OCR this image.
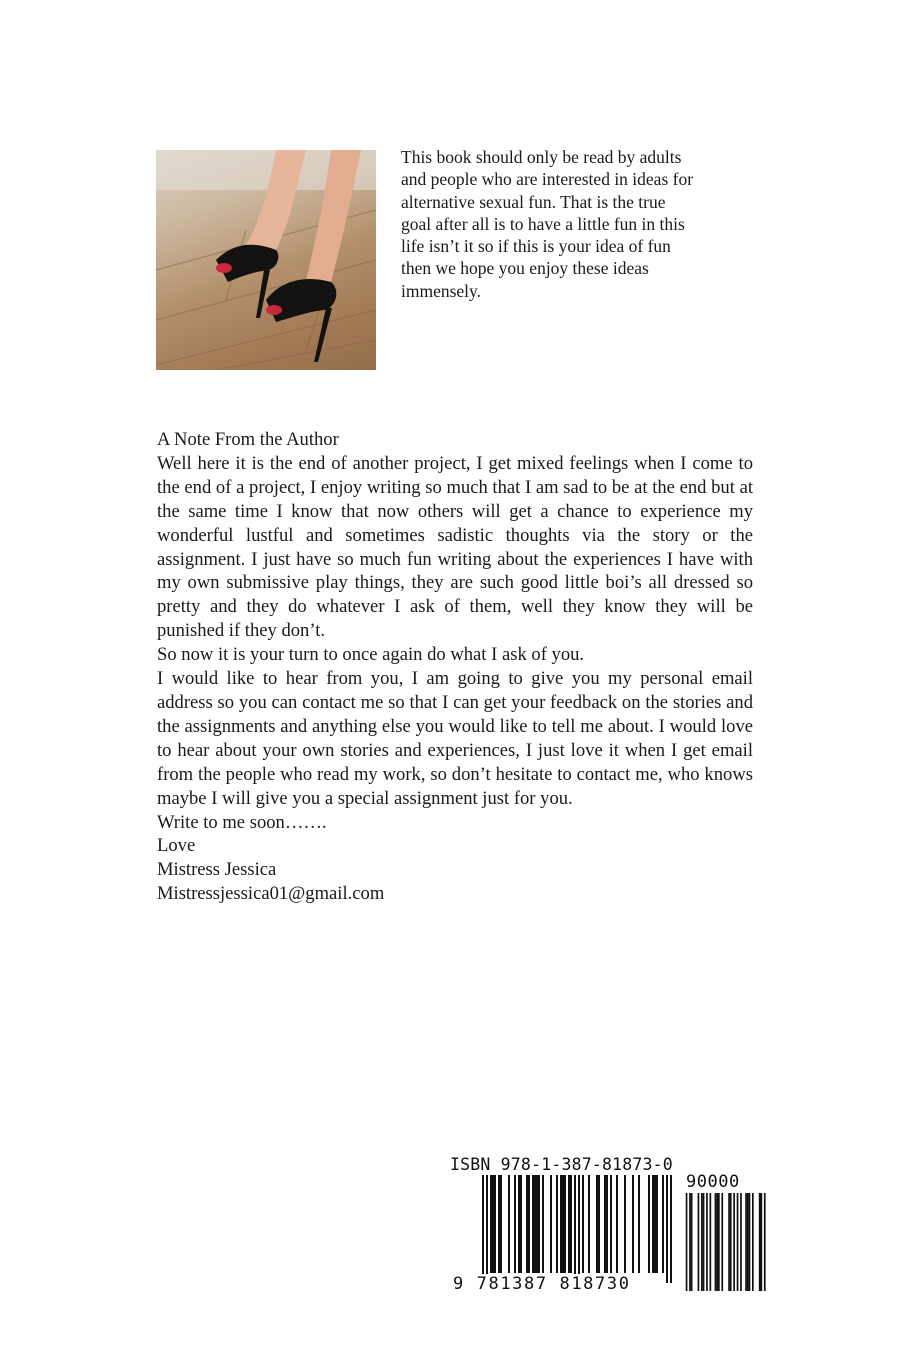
This book should only be read by adults
and people who are interested in ideas for
alternative sexual fun. That is the true
goal after all is to have a little fun in this
life isn’t it so if this is your idea of fun
then we hope you enjoy these ideas
immensely.

A Note From the Author

Well here it is the end of another project, I get mixed feelings when I come to the end of a project, I enjoy writing so much that I am sad to be at the end but at the same time I know that now others will get a chance to experience my wonderful lustful and sometimes sadistic thoughts via the story or the assignment. I just have so much fun writing about the experiences I have with my own submissive play things, they are such good little boi’s all dressed so pretty and they do whatever I ask of them, well they know they will be punished if they don’t.

So now it is your turn to once again do what I ask of you.

I would like to hear from you, I am going to give you my personal email address so you can contact me so that I can get your feedback on the stories and the assignments and anything else you would like to tell me about. I would love to hear about your own stories and experiences, I just love it when I get email from the people who read my work, so don’t hesitate to contact me, who knows maybe I will give you a special assignment just for you.

Write to me soon…….

Love

Mistress Jessica

Mistressjessica01@gmail.com

ISBN 978-1-387-81873-0
90000
9 781387 818730
